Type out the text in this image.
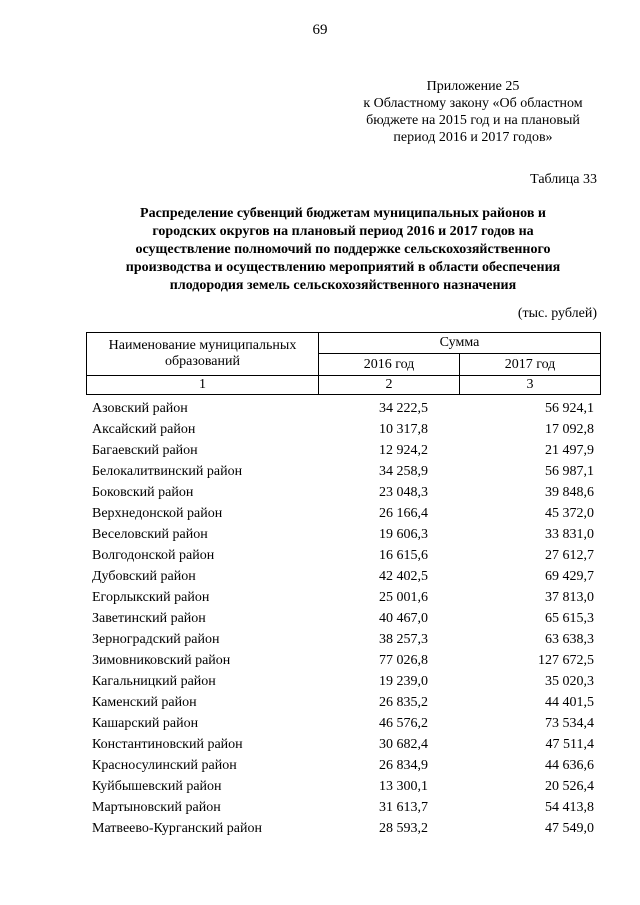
69
Приложение 25
к Областному закону «Об областном
бюджете на 2015 год и на плановый
период 2016 и 2017 годов»
Таблица 33
Распределение субвенций бюджетам муниципальных районов и
городских округов на плановый период 2016 и 2017 годов на
осуществление полномочий по поддержке сельскохозяйственного
производства и осуществлению мероприятий в области обеспечения
плодородия земель сельскохозяйственного назначения
(тыс. рублей)
Наименование муниципальных
образований	Сумма	
	2016 год	2017 год
1	2	3
Азовский район	34 222,5	56 924,1
Аксайский район	10 317,8	17 092,8
Багаевский район	12 924,2	21 497,9
Белокалитвинский район	34 258,9	56 987,1
Боковский район	23 048,3	39 848,6
Верхнедонской район	26 166,4	45 372,0
Веселовский район	19 606,3	33 831,0
Волгодонской район	16 615,6	27 612,7
Дубовский район	42 402,5	69 429,7
Егорлыкский район	25 001,6	37 813,0
Заветинский район	40 467,0	65 615,3
Зерноградский район	38 257,3	63 638,3
Зимовниковский район	77 026,8	127 672,5
Кагальницкий район	19 239,0	35 020,3
Каменский район	26 835,2	44 401,5
Кашарский район	46 576,2	73 534,4
Константиновский район	30 682,4	47 511,4
Красносулинский район	26 834,9	44 636,6
Куйбышевский район	13 300,1	20 526,4
Мартыновский район	31 613,7	54 413,8
Матвеево-Курганский район	28 593,2	47 549,0
